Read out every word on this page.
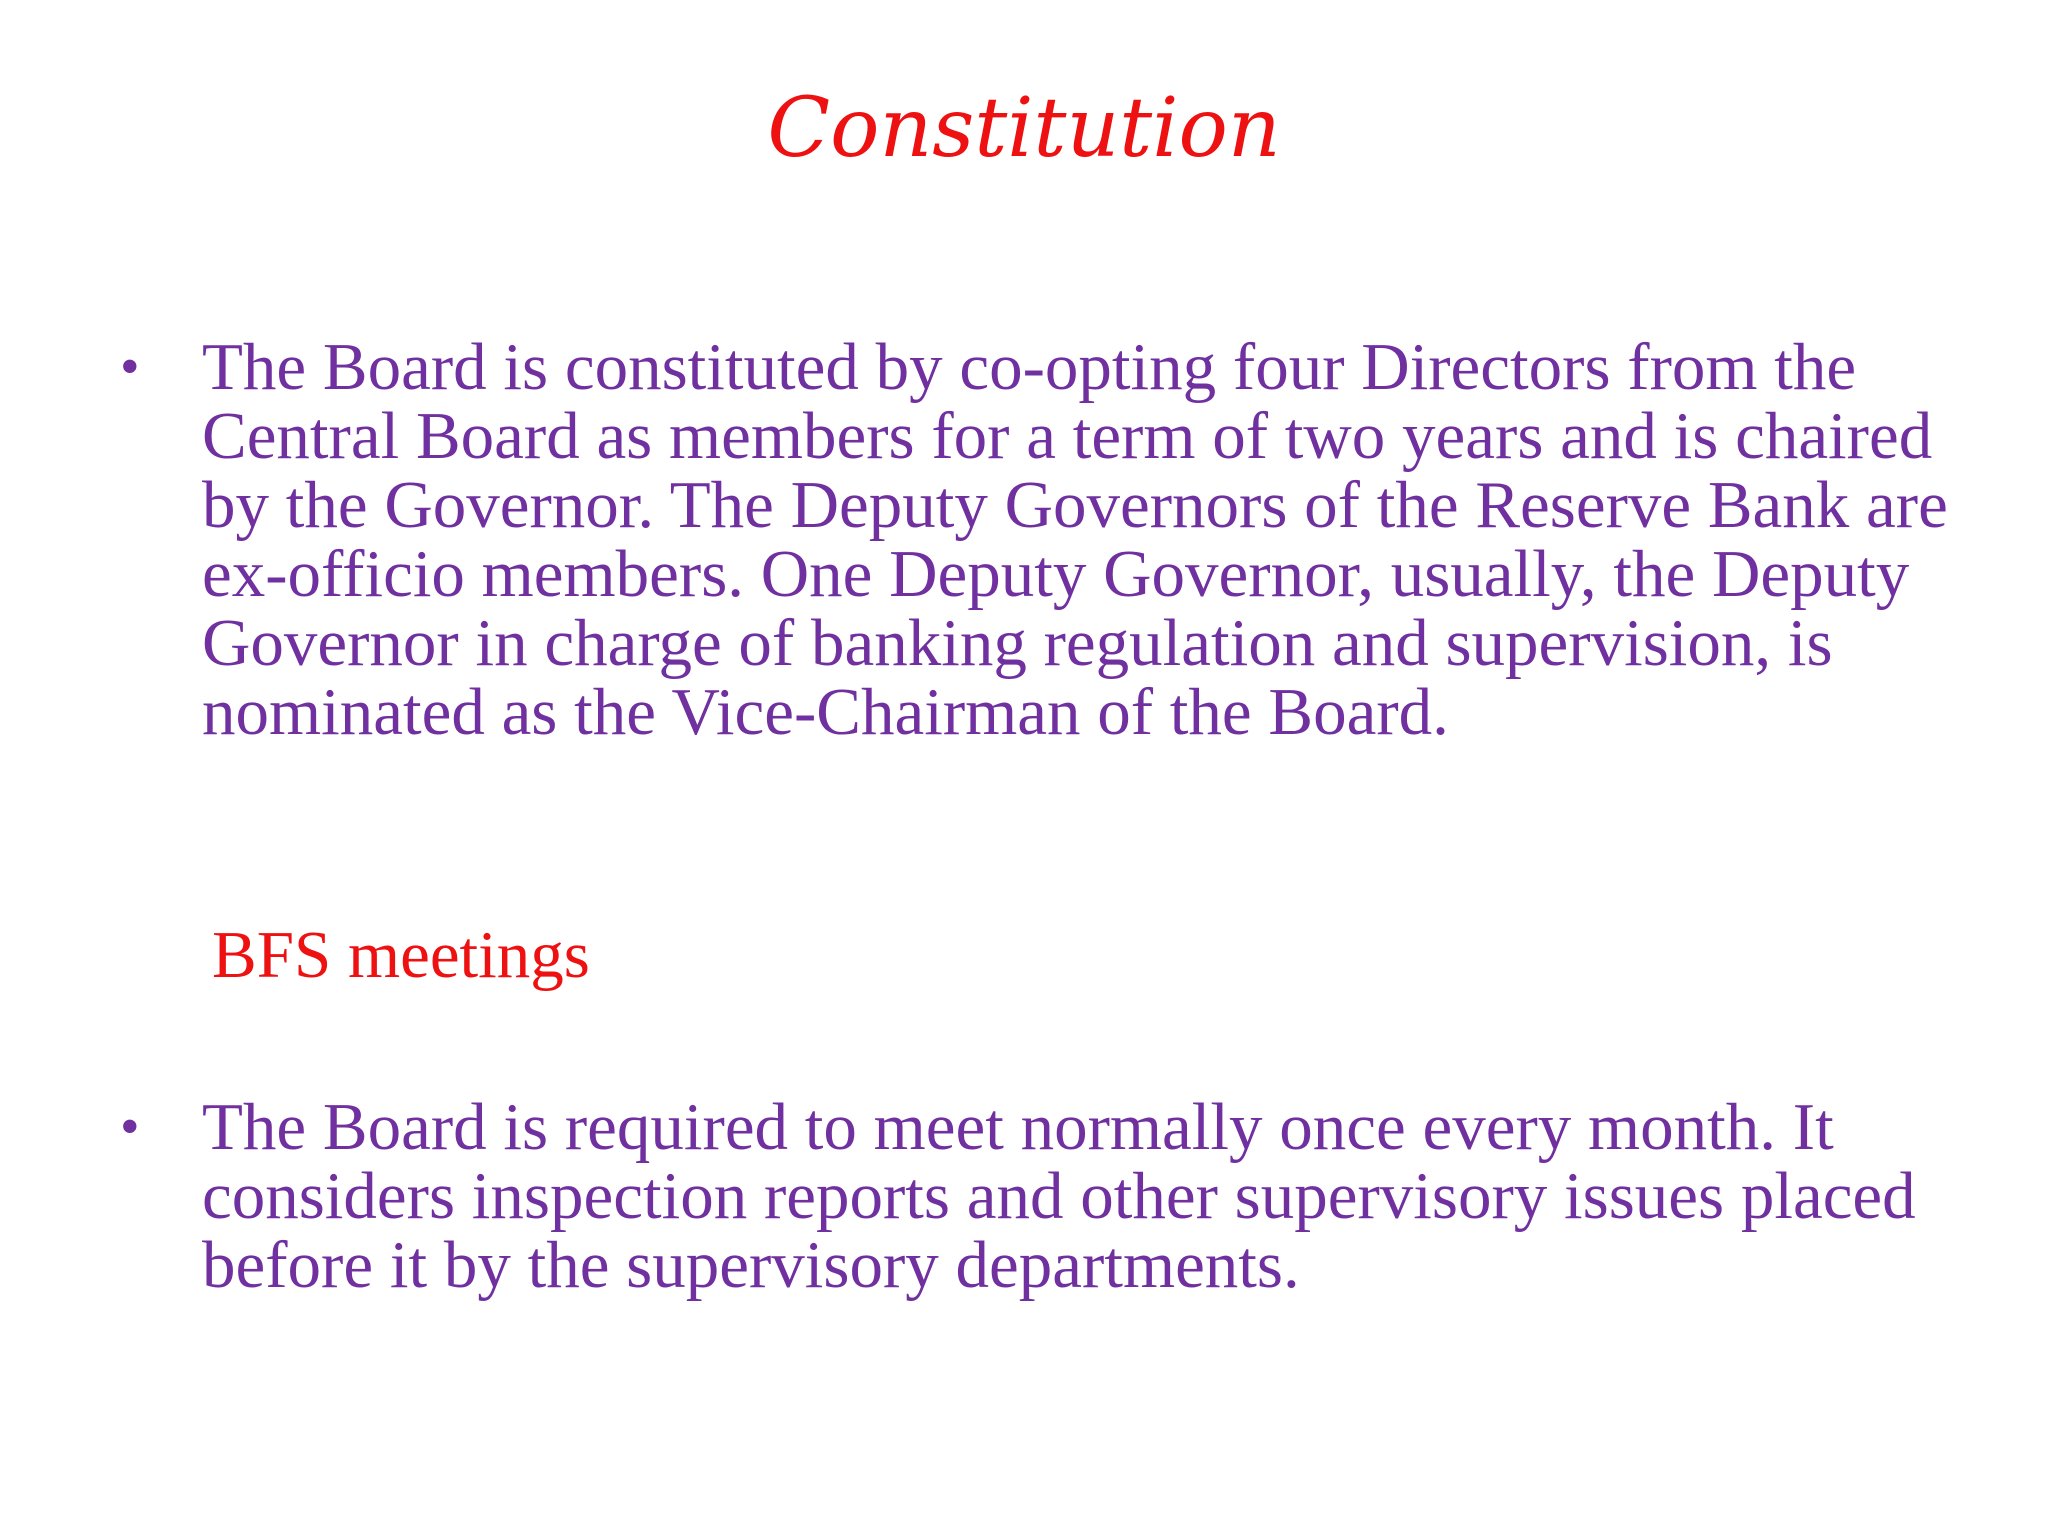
Constitution
• The Board is constituted by co-opting four Directors from the Central Board as members for a term of two years and is chaired by the Governor. The Deputy Governors of the Reserve Bank are ex-officio members. One Deputy Governor, usually, the Deputy Governor in charge of banking regulation and supervision, is nominated as the Vice-Chairman of the Board.
BFS meetings
• The Board is required to meet normally once every month. It considers inspection reports and other supervisory issues placed before it by the supervisory departments.
